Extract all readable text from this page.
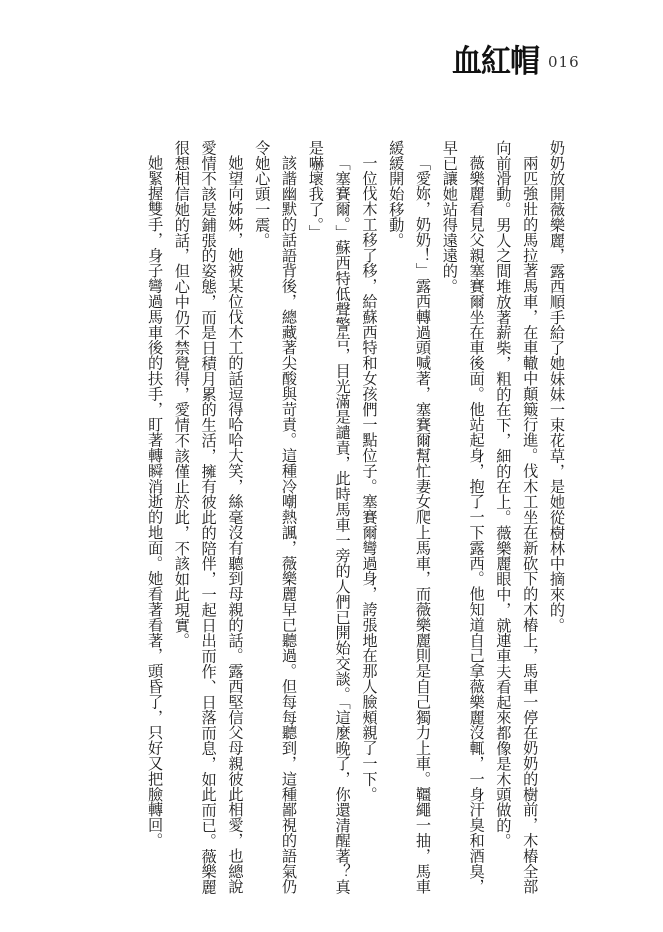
血紅帽 016

奶奶放開薇樂麗，露西順手給了她妹妹一束花草，是她從樹林中摘來的。

兩匹強壯的馬拉著馬車，在車轍中顛簸行進。伐木工坐在新砍下的木樁上，馬車一停在奶奶的樹前，木樁全部向前滑動。男人之間堆放著薪柴，粗的在下，細的在上。薇樂麗眼中，就連車夫看起來都像是木頭做的。

薇樂麗看見父親塞賽爾坐在車後面。他站起身，抱了一下露西。他知道自己拿薇樂麗沒輒，一身汗臭和酒臭，早已讓她站得遠遠的。

「愛妳，奶奶！」露西轉過頭喊著，塞賽爾幫忙妻女爬上馬車，而薇樂麗則是自己獨力上車。韁繩一抽，馬車緩緩開始移動。

一位伐木工移了移，給蘇西特和女孩們一點位子。塞賽爾彎過身，誇張地在那人臉頰親了一下。

「塞賽爾。」蘇西特低聲警告，目光滿是譴責，此時馬車一旁的人們已開始交談。「這麼晚了，你還清醒著？真是嚇壞我了。」

該諧幽默的話語背後，總藏著尖酸與苛責。這種冷嘲熱諷，薇樂麗早已聽過。但每每聽到，這種鄙視的語氣仍令她心頭一震。

她望向姊姊，她被某位伐木工的話逗得哈哈大笑，絲毫沒有聽到母親的話。露西堅信父母親彼此相愛，也總說愛情不該是鋪張的姿態，而是日積月累的生活，擁有彼此的陪伴，一起日出而作、日落而息，如此而已。薇樂麗很想相信她的話，但心中仍不禁覺得，愛情不該僅止於此，不該如此現實。

她緊握雙手，身子彎過馬車後的扶手，盯著轉瞬消逝的地面。她看著看著，頭昏了，只好又把臉轉回。
